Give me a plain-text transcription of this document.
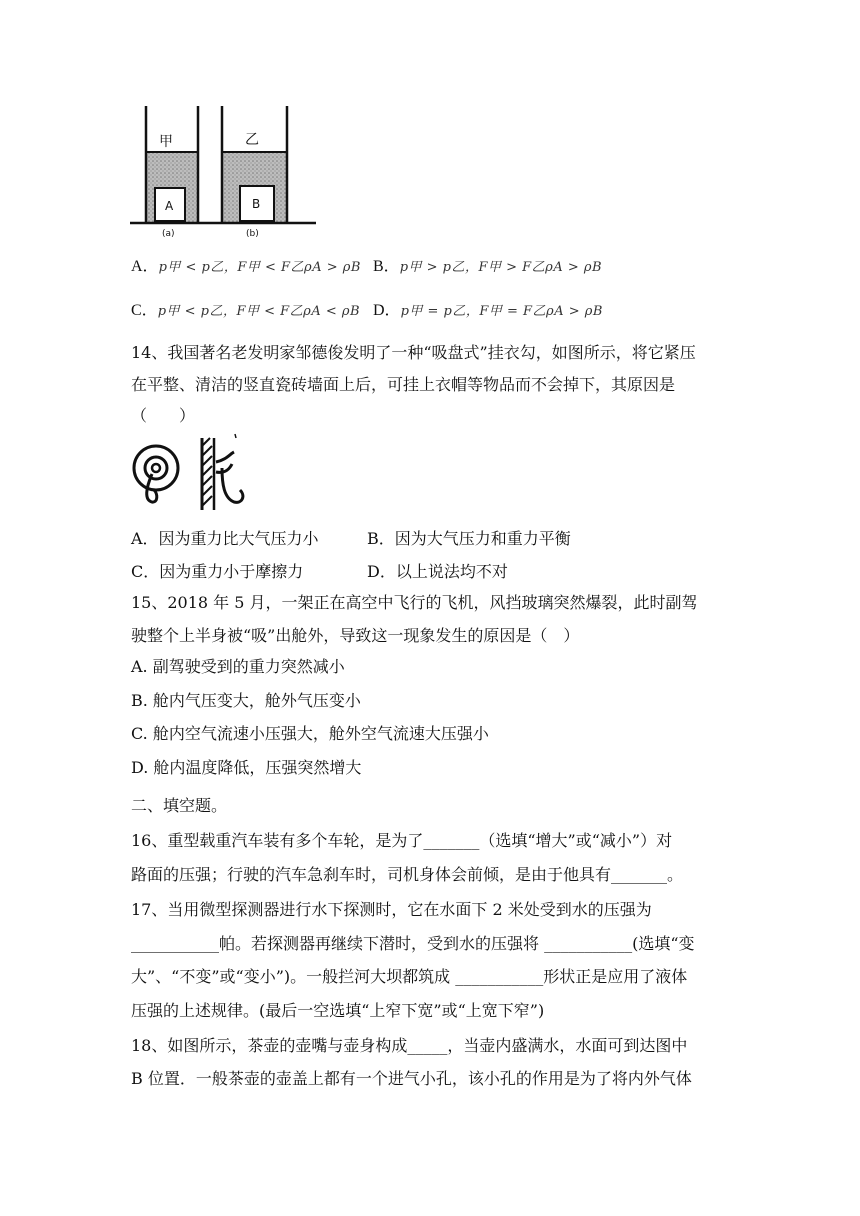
甲	乙
A	B
(a)	(b)
A．p甲 < p乙，F甲 < F乙ρA > ρB B．p甲 > p乙，F甲 > F乙ρA > ρB
C．p甲 < p乙，F甲 < F乙ρA < ρB D．p甲 = p乙，F甲 = F乙ρA > ρB
14、我国著名老发明家邹德俊发明了一种“吸盘式”挂衣勾，如图所示，将它紧压
在平整、清洁的竖直瓷砖墙面上后，可挂上衣帽等物品而不会掉下，其原因是
（　　）
A．因为重力比大气压力小	B．因为大气压力和重力平衡
C．因为重力小于摩擦力	D．以上说法均不对
15、2018 年 5 月，一架正在高空中飞行的飞机，风挡玻璃突然爆裂，此时副驾
驶整个上半身被“吸”出舱外，导致这一现象发生的原因是（　）
A. 副驾驶受到的重力突然减小
B. 舱内气压变大，舱外气压变小
C. 舱内空气流速小压强大，舱外空气流速大压强小
D. 舱内温度降低，压强突然增大
二、填空题。
16、重型载重汽车装有多个车轮，是为了_______（选填“增大”或“减小”）对
路面的压强；行驶的汽车急刹车时，司机身体会前倾，是由于他具有_______。
17、当用微型探测器进行水下探测时，它在水面下 2 米处受到水的压强为
___________帕。若探测器再继续下潜时，受到水的压强将 ___________(选填“变
大”、“不变”或“变小”)。一般拦河大坝都筑成 ___________形状正是应用了液体
压强的上述规律。(最后一空选填“上窄下宽”或“上宽下窄”)
18、如图所示，茶壶的壶嘴与壶身构成_____，当壶内盛满水，水面可到达图中
B 位置．一般茶壶的壶盖上都有一个进气小孔，该小孔的作用是为了将内外气体
